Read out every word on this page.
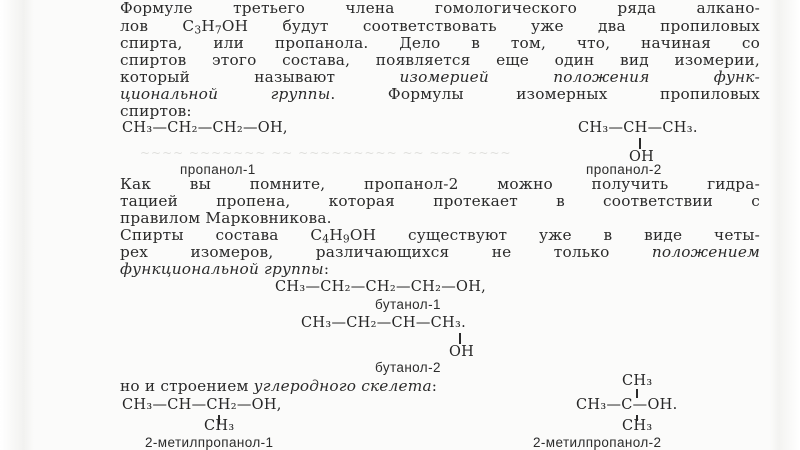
Формуле третьего члена гомологического ряда алкано-
лов $C_3H_7OH$ будут соответствовать уже два пропиловых
спирта, или пропанола. Дело в том, что, начиная со
спиртов этого состава, появляется еще один вид изомерии,
который называют изомерией положения функ-
циональной группы. Формулы изомерных пропиловых
спиртов:
CH₃—CH₂—CH₂—OH,	CH₃—CH—CH₃.
OH
~~~~ ~~~~~~~ ~~ ~~~~~~~~~ ~~ ~~~ ~~~~
пропанол-1	пропанол-2
Как вы помните, пропанол-2 можно получить гидра-
тацией пропена, которая протекает в соответствии с
правилом Марковникова.
Спирты состава $C_4H_9OH$ существуют уже в виде четы-
рех изомеров, различающихся не только положением
функциональной группы:
CH₃—CH₂—CH₂—CH₂—OH,
бутанол-1
CH₃—CH₂—CH—CH₃.
OH
бутанол-2
но и строением углеродного скелета:	CH₃
CH₃—CH—CH₂—OH,	CH₃—C—OH.
CH₃	CH₃
2-метилпропанол-1	2-метилпропанол-2
